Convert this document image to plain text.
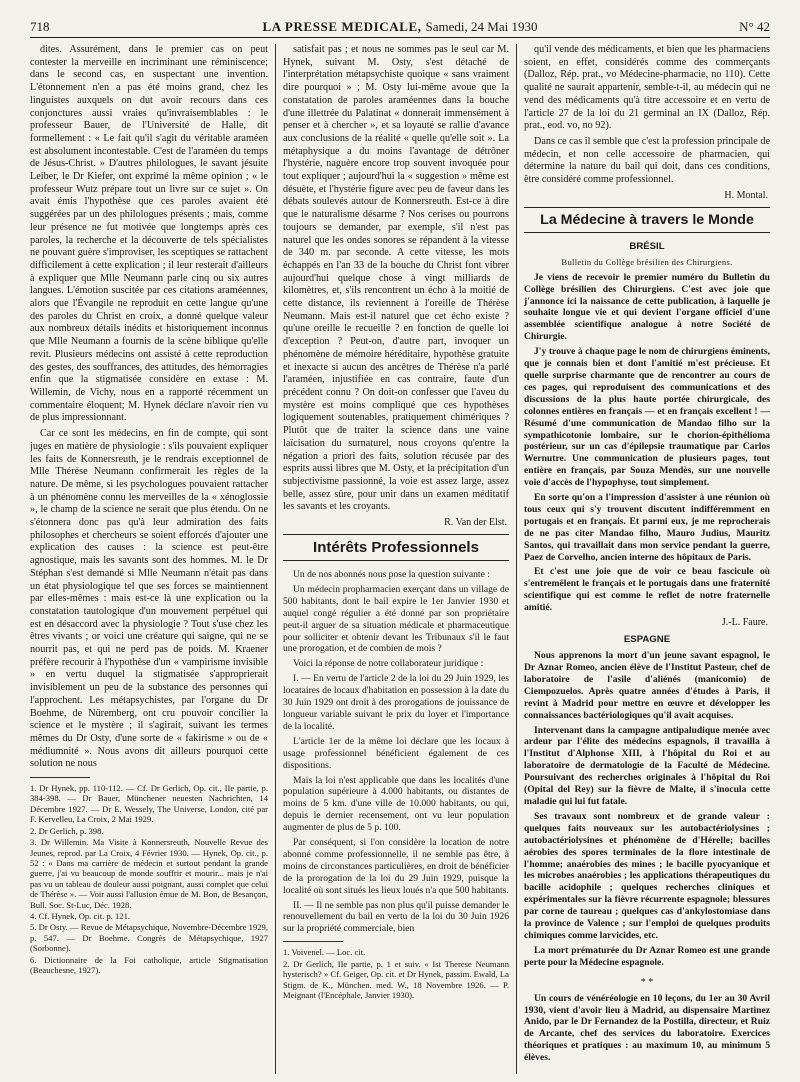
718	LA PRESSE MEDICALE, Samedi, 24 Mai 1930	N° 42

dites. Assurément, dans le premier cas on peut contester la merveille en incriminant une réminiscence; dans le second cas, en suspectant une invention. L'étonnement n'en a pas été moins grand, chez les linguistes auxquels on dut avoir recours dans ces conjonctures aussi vraies qu'invraisemblables : le professeur Bauer, de l'Université de Halle, dit formellement : « Le fait qu'il s'agit du véritable araméen est absolument incontestable. C'est de l'araméen du temps de Jésus-Christ. » D'autres philologues, le savant jésuite Leiber, le Dr Kiefer, ont exprimé la même opinion ; « le professeur Wutz prépare tout un livre sur ce sujet ». On avait émis l'hypothèse que ces paroles avaient été suggérées par un des philologues présents ; mais, comme leur présence ne fut motivée que longtemps après ces paroles, la recherche et la découverte de tels spécialistes ne pouvant guère s'improviser, les sceptiques se rattachent difficilement à cette explication ; il leur resterait d'ailleurs à expliquer que Mlle Neumann parle cinq ou six autres langues. L'émotion suscitée par ces citations araméennes, alors que l'Évangile ne reproduit en cette langue qu'une des paroles du Christ en croix, a donné quelque valeur aux nombreux détails inédits et historiquement inconnus que Mlle Neumann a fournis de la scène biblique qu'elle revit. Plusieurs médecins ont assisté à cette reproduction des gestes, des souffrances, des attitudes, des hémorragies enfin que la stigmatisée considère en extase : M. Willemin, de Vichy, nous en a rapporté récemment un commentaire éloquent; M. Hynek déclare n'avoir rien vu de plus impressionnant.

Car ce sont les médecins, en fin de compte, qui sont juges en matière de physiologie : s'ils pouvaient expliquer les faits de Konnersreuth, je le rendrais exceptionnel de Mlle Thérèse Neumann confirmerait les règles de la nature. De même, si les psychologues pouvaient rattacher à un phénomène connu les merveilles de la « xénoglossie », le champ de la science ne serait que plus étendu. On ne s'étonnera donc pas qu'à leur admiration des faits philosophes et chercheurs se soient efforcés d'ajouter une explication des causes : la science est peut-être agnostique, mais les savants sont des hommes. M. le Dr Stéphan s'est demandé si Mlle Neumann n'était pas dans un état physiologique tel que ses forces se maintiennent par elles-mêmes : mais est-ce là une explication ou la constatation tautologique d'un mouvement perpétuel qui est en désaccord avec la physiologie ? Tout s'use chez les êtres vivants ; or voici une créature qui saigne, qui ne se nourrit pas, et qui ne perd pas de poids. M. Kraener préfère recourir à l'hypothèse d'un « vampirisme invisible » en vertu duquel la stigmatisée s'approprierait invisiblement un peu de la substance des personnes qui l'approchent. Les métapsychistes, par l'organe du Dr Boehme, de Nüremberg, ont cru pouvoir concilier la science et le mystère ; il s'agirait, suivant les termes mêmes du Dr Osty, d'une sorte de « fakirisme » ou de « médiumnité ». Nous avons dit ailleurs pourquoi cette solution ne nous

1. Dr Hynek, pp. 110-112. — Cf. Dr Gerlich, Op. cit., IIe partie, p. 384-398. — Dr Bauer, Münchener neuesten Nachrichten, 14 Décembre 1927. — Dr E. Wessely, The Universe, London, cité par F. Kervelleu, La Croix, 2 Mai 1929.

2. Dr Gerlich, p. 398.

3. Dr Willemin. Ma Visite à Konnersreuth, Nouvelle Revue des Jeunes, reprod. par La Croix, 4 Février 1930. — Hynek, Op. cit., p. 52 : « Dans ma carrière de médecin et surtout pendant la grande guerre, j'ai vu beaucoup de monde souffrir et mourir... mais je n'ai pas vu un tableau de douleur aussi poignant, aussi complet que celui de Thérèse ». — Voir aussi l'allusion émue de M. Bon, de Besançon, Bull. Soc. St-Luc, Déc. 1928.

4. Cf. Hynek, Op. cit. p. 121.

5. Dr Osty. — Revue de Métapsychique, Novembre-Décembre 1929, p. 547. — Dr Boehme. Congrès de Métapsychique, 1927 (Sorbonne).

6. Dictionnaire de la Foi catholique, article Stigmatisation (Beauchesne, 1927).

satisfait pas ; et nous ne sommes pas le seul car M. Hynek, suivant M. Osty, s'est détaché de l'interprétation métapsychiste quoique « sans vraiment dire pourquoi » ; M. Osty lui-même avoue que la constatation de paroles araméennes dans la bouche d'une illettrée du Palatinat « donnerait immensément à penser et à chercher », et sa loyauté se rallie d'avance aux conclusions de la réalité « quelle qu'elle soit ». La métaphysique a du moins l'avantage de détrôner l'hystérie, naguère encore trop souvent invoquée pour tout expliquer ; aujourd'hui la « suggestion » même est désuète, et l'hystérie figure avec peu de faveur dans les débats soulevés autour de Konnersreuth. Est-ce à dire que le naturalisme désarme ? Nos cerises ou pourrons toujours se demander, par exemple, s'il n'est pas naturel que les ondes sonores se répandent à la vitesse de 340 m. par seconde. A cette vitesse, les mots échappés en l'an 33 de la bouche du Christ font vibrer aujourd'hui quelque chose à vingt milliards de kilomètres, et, s'ils rencontrent un écho à la moitié de cette distance, ils reviennent à l'oreille de Thérèse Neumann. Mais est-il naturel que cet écho existe ? qu'une oreille le recueille ? en fonction de quelle loi d'exception ? Peut-on, d'autre part, invoquer un phénomène de mémoire héréditaire, hypothèse gratuite et inexacte si aucun des ancêtres de Thérèse n'a parlé l'araméen, injustifiée en cas contraire, faute d'un précédent connu ? On doit-on confesser que l'aveu du mystère est moins compliqué que ces hypothèses logiquement soutenables, pratiquement chimériques ? Plutôt que de traiter la science dans une vaine laïcisation du surnaturel, nous croyons qu'entre la négation a priori des faits, solution récusée par des esprits aussi libres que M. Osty, et la précipitation d'un subjectivisme passionné, la voie est assez large, assez belle, assez sûre, pour unir dans un examen méditatif les savants et les croyants.

R. Van der Elst.
Intérêts Professionnels

Un de nos abonnés nous pose la question suivante :

Un médecin propharmacien exerçant dans un village de 500 habitants, dont le bail expire le 1er Janvier 1930 et auquel congé régulier a été donné par son propriétaire peut-il arguer de sa situation médicale et pharmaceutique pour solliciter et obtenir devant les Tribunaux s'il le faut une prorogation, et de combien de mois ?

Voici la réponse de notre collaborateur juridique :

I. — En vertu de l'article 2 de la loi du 29 Juin 1929, les locataires de locaux d'habitation en possession à la date du 30 Juin 1929 ont droit à des prorogations de jouissance de longueur variable suivant le prix du loyer et l'importance de la localité.

L'article 1er de la même loi déclare que les locaux à usage professionnel bénéficient également de ces dispositions.

Mais la loi n'est applicable que dans les localités d'une population supérieure à 4.000 habitants, ou distantes de moins de 5 km. d'une ville de 10.000 habitants, ou qui, depuis le dernier recensement, ont vu leur population augmenter de plus de 5 p. 100.

Par conséquent, si l'on considère la location de notre abonné comme professionnelle, il ne semble pas être, à moins de circonstances particulières, en droit de bénéficier de la prorogation de la loi du 29 Juin 1929, puisque la localité où sont situés les lieux loués n'a que 500 habitants.

II. — Il ne semble pas non plus qu'il puisse demander le renouvellement du bail en vertu de la loi du 30 Juin 1926 sur la propriété commerciale, bien

1. Voivenel. — Loc. cit.

2. Dr Gerlich, IIe partie, p. 1 et suiv. « Ist Therese Neumann hysterisch? » Cf. Geiger, Op. cit. et Dr Hynek, passim. Ewald, La Stigm. de K., München. med. W., 18 Novembre 1926. — P. Meignant (l'Encéphale, Janvier 1930).

qu'il vende des médicaments, et bien que les pharmaciens soient, en effet, considérés comme des commerçants (Dalloz, Rép. prat., vo Médecine-pharmacie, no 110). Cette qualité ne saurait appartenir, semble-t-il, au médecin qui ne vend des médicaments qu'à titre accessoire et en vertu de l'article 27 de la loi du 21 germinal an IX (Dalloz, Rép. prat., eod. vo, no 92).

Dans ce cas il semble que c'est la profession principale de médecin, et non celle accessoire de pharmacien, qui détermine la nature du bail qui doit, dans ces conditions, être considéré comme professionnel.

H. Montal.
La Médecine à travers le Monde
BRÉSIL
Bulletin du Collège brésilien des Chirurgiens.

Je viens de recevoir le premier numéro du Bulletin du Collège brésilien des Chirurgiens. C'est avec joie que j'annonce ici la naissance de cette publication, à laquelle je souhaite longue vie et qui devient l'organe officiel d'une assemblée scientifique analogue à notre Société de Chirurgie.

J'y trouve à chaque page le nom de chirurgiens éminents, que je connais bien et dont l'amitié m'est précieuse. Et quelle surprise charmante que de rencontrer au cours de ces pages, qui reproduisent des communications et des discussions de la plus haute portée chirurgicale, des colonnes entières en français — et en français excellent ! — Résumé d'une communication de Mandao filho sur la sympathicotonie lombaire, sur le chorion-épithélioma postérieur, sur un cas d'épilepsie traumatique par Carlos Wernutre. Une communication de plusieurs pages, tout entière en français, par Souza Mendès, sur une nouvelle voie d'accès de l'hypophyse, tout simplement.

En sorte qu'on a l'impression d'assister à une réunion où tous ceux qui s'y trouvent discutent indifféremment en portugais et en français. Et parmi eux, je me reprocherais de ne pas citer Mandao filho, Mauro Judius, Mauritz Santos, qui travaillait dans mon service pendant la guerre, Paez de Corvelho, ancien interne des hôpitaux de Paris.

Et c'est une joie que de voir ce beau fascicule où s'entremêlent le français et le portugais dans une fraternité scientifique qui est comme le reflet de notre fraternelle amitié.

J.-L. Faure.
ESPAGNE

Nous apprenons la mort d'un jeune savant espagnol, le Dr Aznar Romeo, ancien élève de l'Institut Pasteur, chef de laboratoire de l'asile d'aliénés (manicomio) de Ciempozuelos. Après quatre années d'études à Paris, il revint à Madrid pour mettre en œuvre et développer les connaissances bactériologiques qu'il avait acquises.

Intervenant dans la campagne antipaludique menée avec ardeur par l'élite des médecins espagnols, il travailla à l'Institut d'Alphonse XIII, à l'hôpital du Roi et au laboratoire de dermatologie de la Faculté de Médecine. Poursuivant des recherches originales à l'hôpital du Roi (Opital del Rey) sur la fièvre de Malte, il s'inocula cette maladie qui lui fut fatale.

Ses travaux sont nombreux et de grande valeur : quelques faits nouveaux sur les autobactériolysines ; autobactériolysines et phénomène de d'Hérelle; bacilles aérobies des spores terminales de la flore intestinale de l'homme; anaérobies des mines ; le bacille pyocyanique et les microbes anaérobies ; les applications thérapeutiques du bacille acidophile ; quelques recherches cliniques et expérimentales sur la fièvre récurrente espagnole; blessures par corne de taureau ; quelques cas d'ankylostomiase dans la province de Valence ; sur l'emploi de quelques produits chimiques comme larvicides, etc.

La mort prématurée du Dr Aznar Romeo est une grande perte pour la Médecine espagnole.

* *

Un cours de vénéréologie en 10 leçons, du 1er au 30 Avril 1930, vient d'avoir lieu à Madrid, au dispensaire Martinez Anido, par le Dr Fernandez de la Postilla, directeur, et Ruiz de Arcante, chef des services du laboratoire. Exercices théoriques et pratiques : au maximum 10, au minimum 5 élèves.
